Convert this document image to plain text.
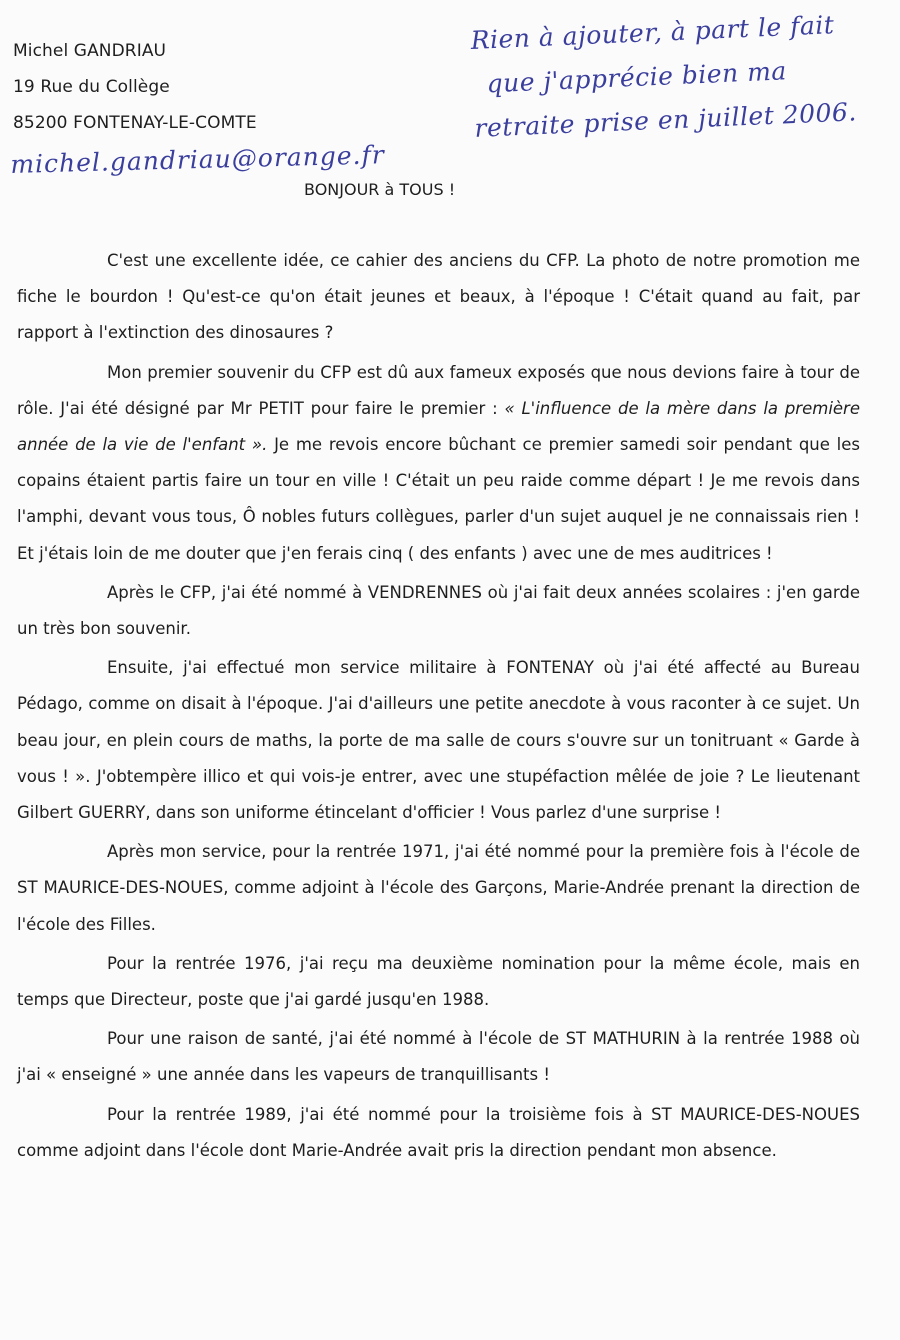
Michel GANDRIAU
19 Rue du Collège
85200 FONTENAY-LE-COMTE
michel.gandriau@orange.fr
Rien à ajouter, à part le fait
que j'apprécie bien ma
retraite prise en juillet 2006.
BONJOUR à TOUS !

C'est une excellente idée, ce cahier des anciens du CFP. La photo de notre promotion me fiche le bourdon ! Qu'est-ce qu'on était jeunes et beaux, à l'époque ! C'était quand au fait, par rapport à l'extinction des dinosaures ?

Mon premier souvenir du CFP est dû aux fameux exposés que nous devions faire à tour de rôle. J'ai été désigné par Mr PETIT pour faire le premier : « L'influence de la mère dans la première année de la vie de l'enfant ». Je me revois encore bûchant ce premier samedi soir pendant que les copains étaient partis faire un tour en ville ! C'était un peu raide comme départ ! Je me revois dans l'amphi, devant vous tous, Ô nobles futurs collègues, parler d'un sujet auquel je ne connaissais rien ! Et j'étais loin de me douter que j'en ferais cinq ( des enfants ) avec une de mes auditrices !

Après le CFP, j'ai été nommé à VENDRENNES où j'ai fait deux années scolaires : j'en garde un très bon souvenir.

Ensuite, j'ai effectué mon service militaire à FONTENAY où j'ai été affecté au Bureau Pédago, comme on disait à l'époque. J'ai d'ailleurs une petite anecdote à vous raconter à ce sujet. Un beau jour, en plein cours de maths, la porte de ma salle de cours s'ouvre sur un tonitruant « Garde à vous ! ». J'obtempère illico et qui vois-je entrer, avec une stupéfaction mêlée de joie ? Le lieutenant Gilbert GUERRY, dans son uniforme étincelant d'officier ! Vous parlez d'une surprise !

Après mon service, pour la rentrée 1971, j'ai été nommé pour la première fois à l'école de ST MAURICE-DES-NOUES, comme adjoint à l'école des Garçons, Marie-Andrée prenant la direction de l'école des Filles.

Pour la rentrée 1976, j'ai reçu ma deuxième nomination pour la même école, mais en temps que Directeur, poste que j'ai gardé jusqu'en 1988.

Pour une raison de santé, j'ai été nommé à l'école de ST MATHURIN à la rentrée 1988 où j'ai « enseigné » une année dans les vapeurs de tranquillisants !

Pour la rentrée 1989, j'ai été nommé pour la troisième fois à ST MAURICE-DES-NOUES comme adjoint dans l'école dont Marie-Andrée avait pris la direction pendant mon absence.
